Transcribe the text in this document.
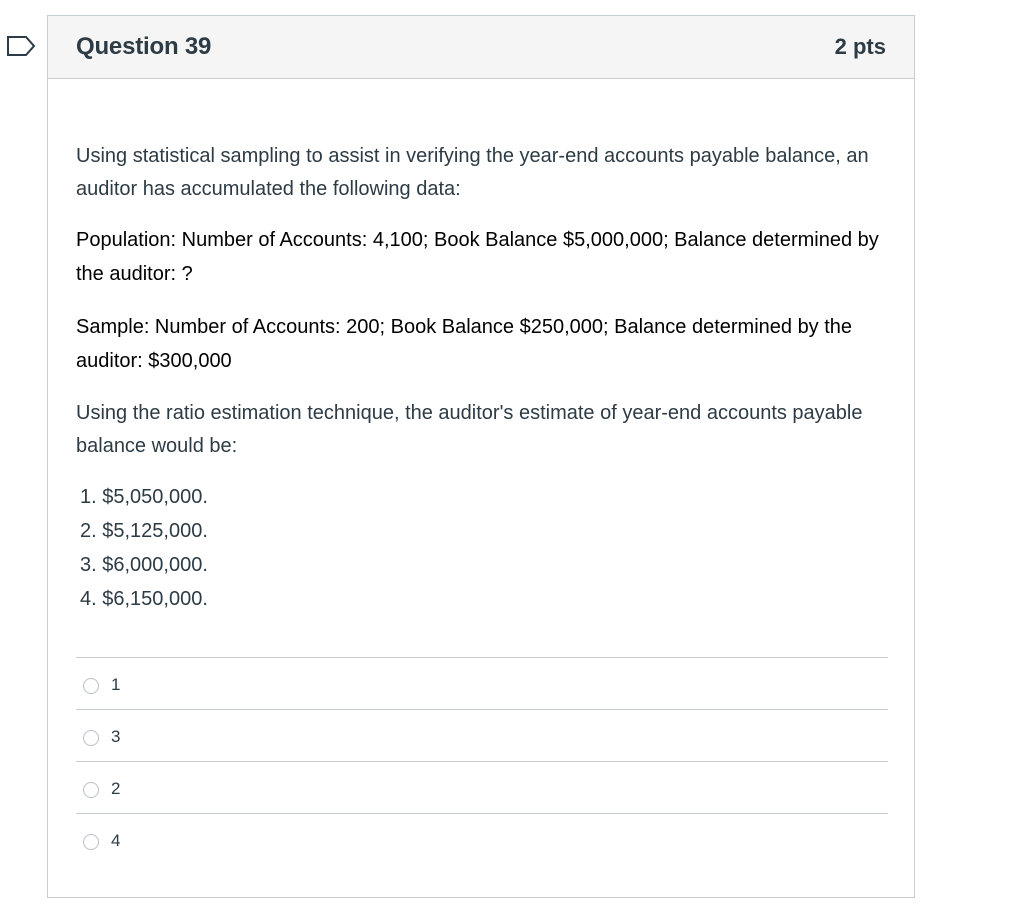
Question 39	2 pts

Using statistical sampling to assist in verifying the year-end accounts payable balance, an auditor has accumulated the following data:

Population: Number of Accounts: 4,100; Book Balance $5,000,000; Balance determined by the auditor: ?

Sample: Number of Accounts: 200; Book Balance $250,000; Balance determined by the auditor: $300,000

Using the ratio estimation technique, the auditor's estimate of year-end accounts payable balance would be:

1. $5,050,000.
2. $5,125,000.
3. $6,000,000.
4. $6,150,000.
1
3
2
4
